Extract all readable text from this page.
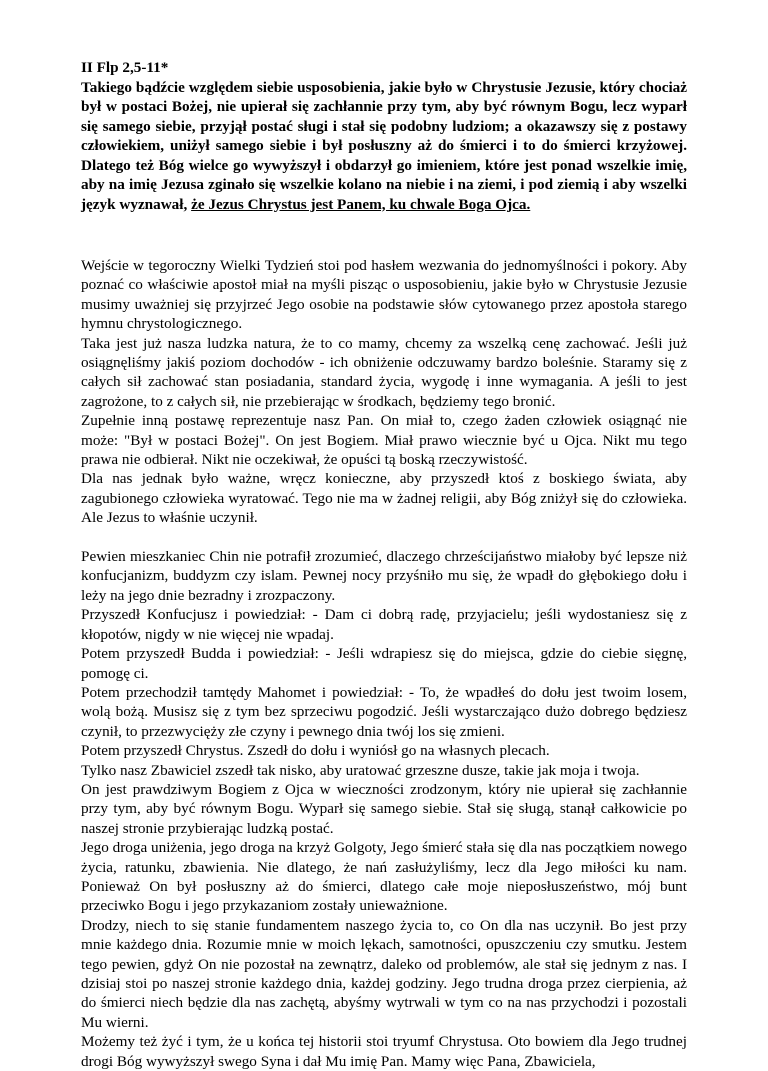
II Flp 2,5-11*
Takiego bądźcie względem siebie usposobienia, jakie było w Chrystusie Jezusie, który chociaż był w postaci Bożej, nie upierał się zachłannie przy tym, aby być równym Bogu, lecz wyparł się samego siebie, przyjął postać sługi i stał się podobny ludziom; a okazawszy się z postawy człowiekiem, uniżył samego siebie i był posłuszny aż do śmierci i to do śmierci krzyżowej. Dlatego też Bóg wielce go wywyższył i obdarzył go imieniem, które jest ponad wszelkie imię, aby na imię Jezusa zginało się wszelkie kolano na niebie i na ziemi, i pod ziemią i aby wszelki język wyznawał, że Jezus Chrystus jest Panem, ku chwale Boga Ojca.

Wejście w tegoroczny Wielki Tydzień stoi pod hasłem wezwania do jednomyślności i pokory. Aby poznać co właściwie apostoł miał na myśli pisząc o usposobieniu, jakie było w Chrystusie Jezusie musimy uważniej się przyjrzeć Jego osobie na podstawie słów cytowanego przez apostoła starego hymnu chrystologicznego.

Taka jest już nasza ludzka natura, że to co mamy, chcemy za wszelką cenę zachować. Jeśli już osiągnęliśmy jakiś poziom dochodów - ich obniżenie odczuwamy bardzo boleśnie. Staramy się z całych sił zachować stan posiadania, standard życia, wygodę i inne wymagania. A jeśli to jest zagrożone, to z całych sił, nie przebierając w środkach, będziemy tego bronić.

Zupełnie inną postawę reprezentuje nasz Pan. On miał to, czego żaden człowiek osiągnąć nie może: "Był w postaci Bożej". On jest Bogiem. Miał prawo wiecznie być u Ojca. Nikt mu tego prawa nie odbierał. Nikt nie oczekiwał, że opuści tą boską rzeczywistość.

Dla nas jednak było ważne, wręcz konieczne, aby przyszedł ktoś z boskiego świata, aby zagubionego człowieka wyratować. Tego nie ma w żadnej religii, aby Bóg zniżył się do człowieka. Ale Jezus to właśnie uczynił.

Pewien mieszkaniec Chin nie potrafił zrozumieć, dlaczego chrześcijaństwo miałoby być lepsze niż konfucjanizm, buddyzm czy islam. Pewnej nocy przyśniło mu się, że wpadł do głębokiego dołu i leży na jego dnie bezradny i zrozpaczony.

Przyszedł Konfucjusz i powiedział: - Dam ci dobrą radę, przyjacielu; jeśli wydostaniesz się z kłopotów, nigdy w nie więcej nie wpadaj.

Potem przyszedł Budda i powiedział: - Jeśli wdrapiesz się do miejsca, gdzie do ciebie sięgnę, pomogę ci.

Potem przechodził tamtędy Mahomet i powiedział: - To, że wpadłeś do dołu jest twoim losem, wolą bożą. Musisz się z tym bez sprzeciwu pogodzić. Jeśli wystarczająco dużo dobrego będziesz czynił, to przezwycięży złe czyny i pewnego dnia twój los się zmieni.

Potem przyszedł Chrystus. Zszedł do dołu i wyniósł go na własnych plecach.

Tylko nasz Zbawiciel zszedł tak nisko, aby uratować grzeszne dusze, takie jak moja i twoja.

On jest prawdziwym Bogiem z Ojca w wieczności zrodzonym, który nie upierał się zachłannie przy tym, aby być równym Bogu. Wyparł się samego siebie. Stał się sługą, stanął całkowicie po naszej stronie przybierając ludzką postać.

Jego droga uniżenia, jego droga na krzyż Golgoty, Jego śmierć stała się dla nas początkiem nowego życia, ratunku, zbawienia. Nie dlatego, że nań zasłużyliśmy, lecz dla Jego miłości ku nam. Ponieważ On był posłuszny aż do śmierci, dlatego całe moje nieposłuszeństwo, mój bunt przeciwko Bogu i jego przykazaniom zostały unieważnione.

Drodzy, niech to się stanie fundamentem naszego życia to, co On dla nas uczynił. Bo jest przy mnie każdego dnia. Rozumie mnie w moich lękach, samotności, opuszczeniu czy smutku. Jestem tego pewien, gdyż On nie pozostał na zewnątrz, daleko od problemów, ale stał się jednym z nas. I dzisiaj stoi po naszej stronie każdego dnia, każdej godziny. Jego trudna droga przez cierpienia, aż do śmierci niech będzie dla nas zachętą, abyśmy wytrwali w tym co na nas przychodzi i pozostali Mu wierni.

Możemy też żyć i tym, że u końca tej historii stoi tryumf Chrystusa. Oto bowiem dla Jego trudnej drogi Bóg wywyższył swego Syna i dał Mu imię Pan. Mamy więc Pana, Zbawiciela,
